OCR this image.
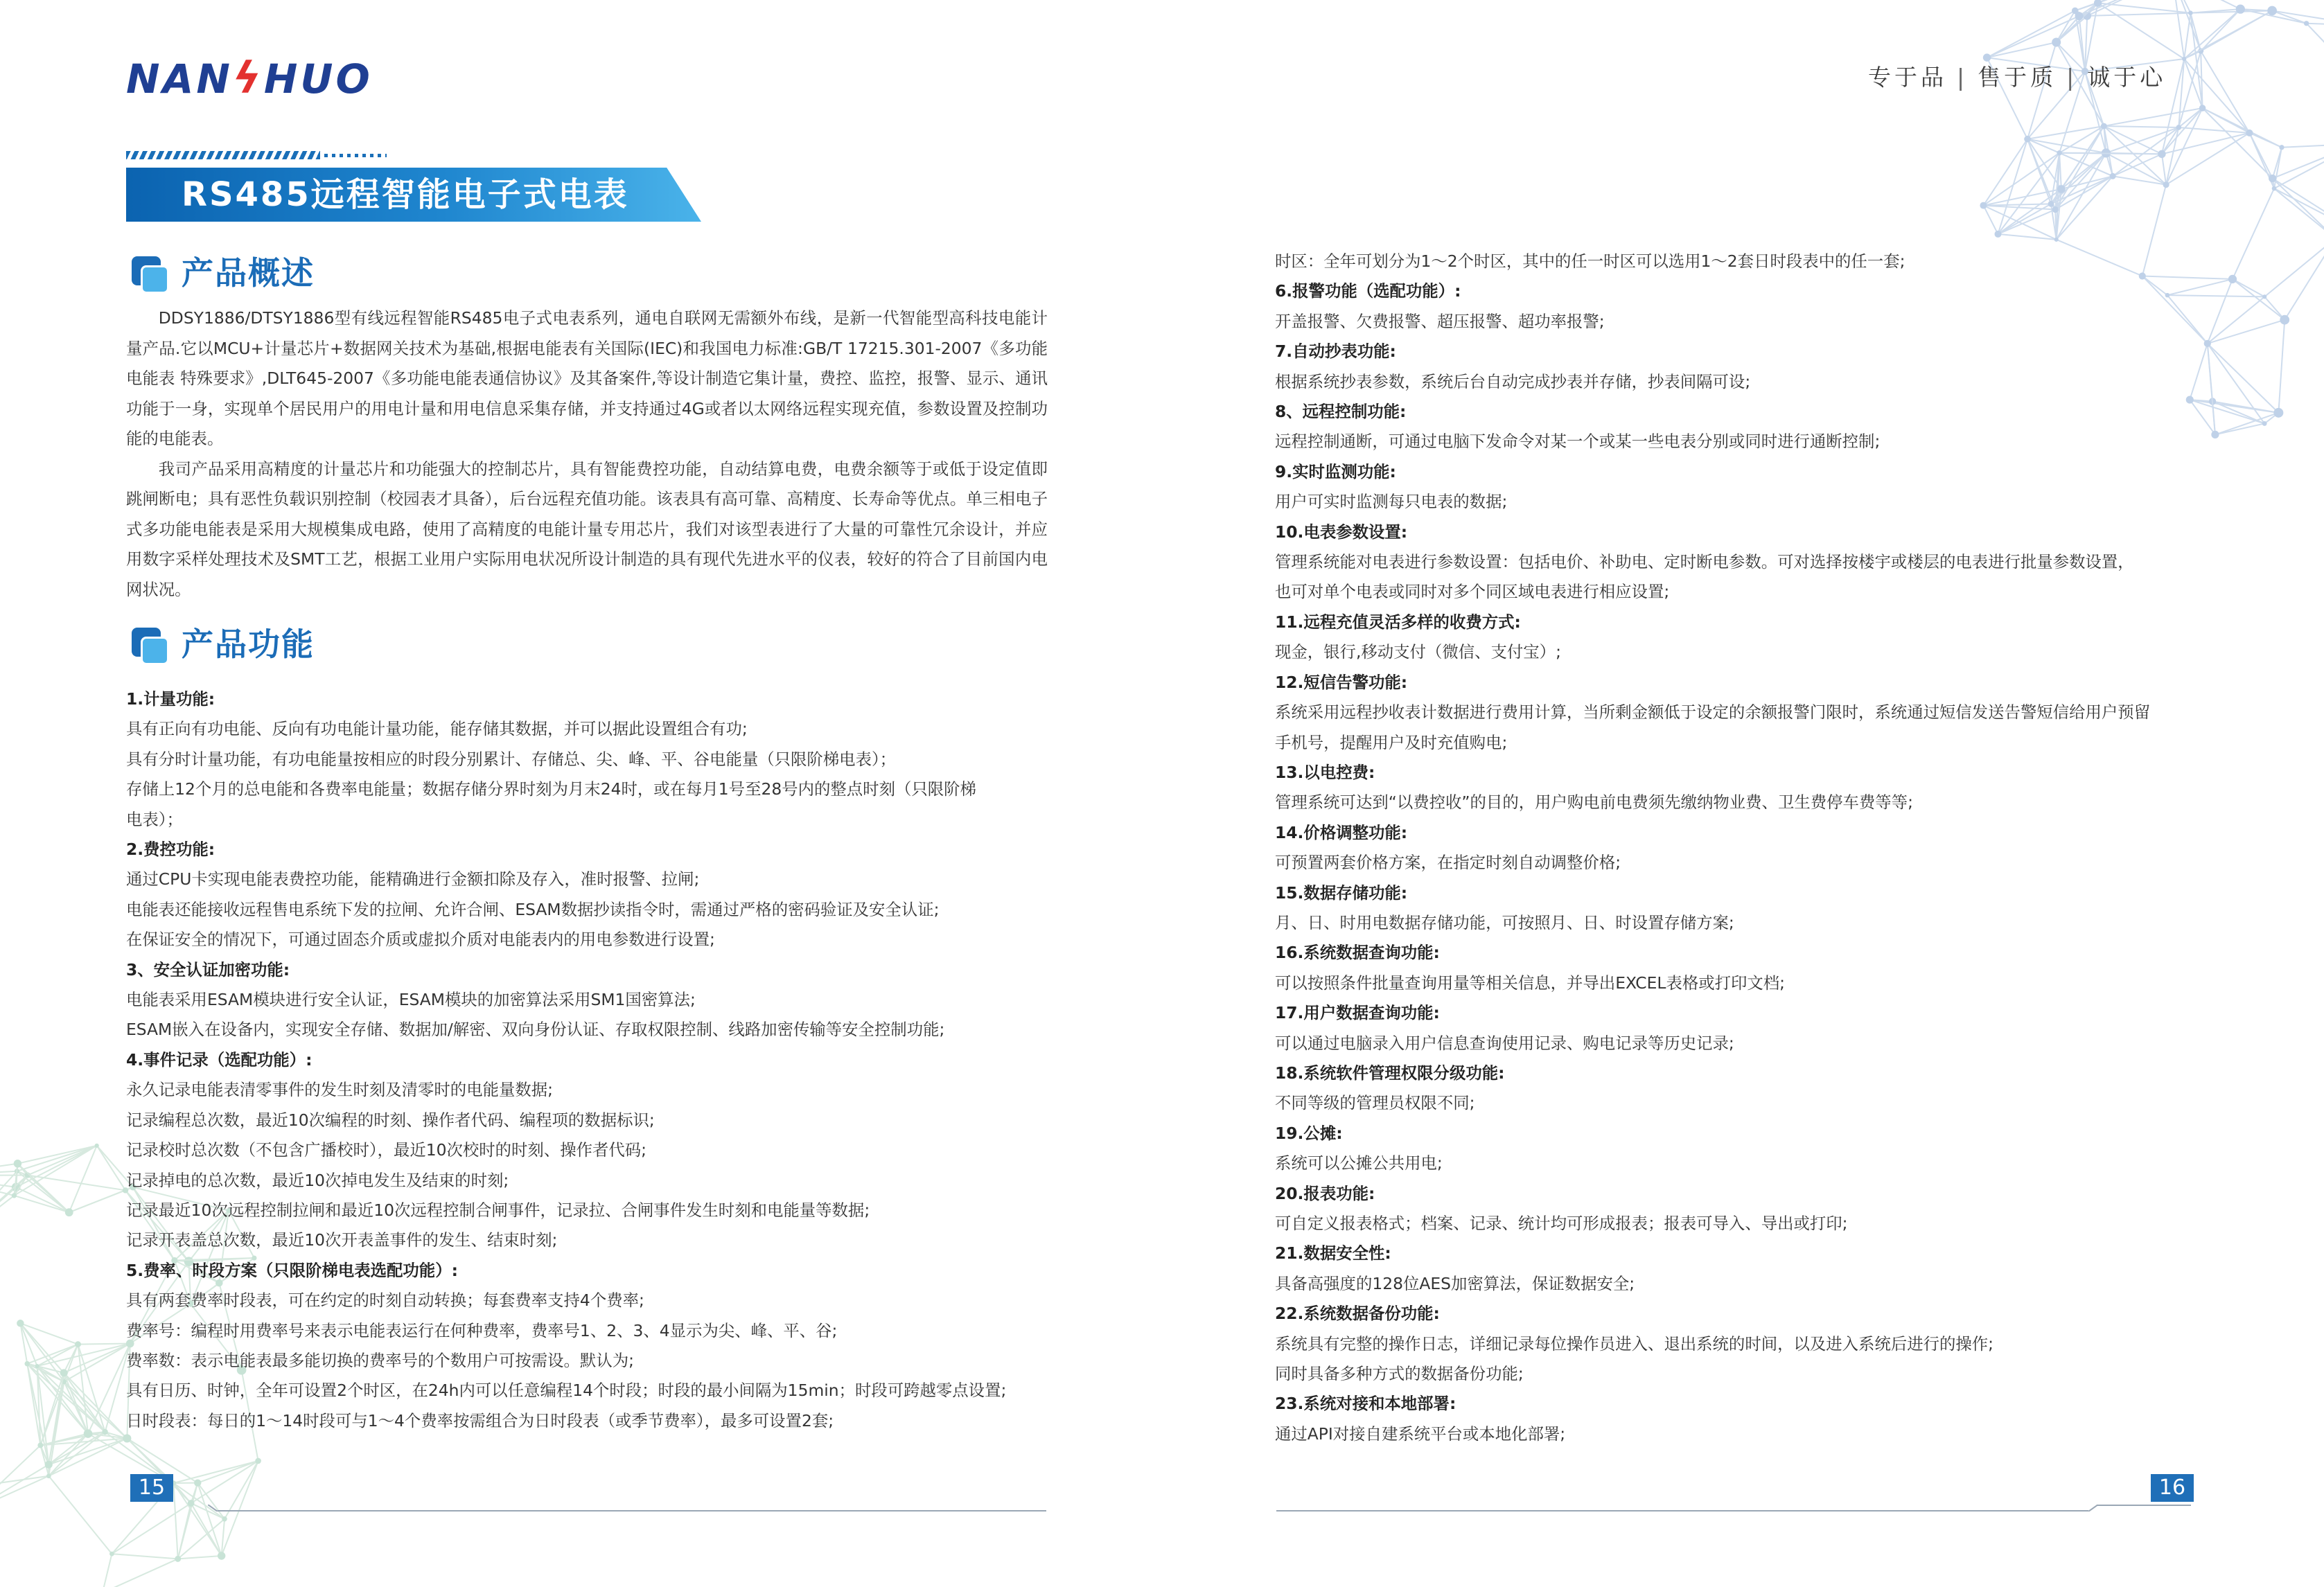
NANϟHUO	专于品 | 售于质 | 诚于心
RS485远程智能电子式电表
产品概述

DDSY1886/DTSY1886型有线远程智能RS485电子式电表系列，通电自联网无需额外布线，是新一代智能型高科技电能计量产品.它以MCU+计量芯片+数据网关技术为基础,根据电能表有关国际(IEC)和我国电力标准:GB/T 17215.301-2007《多功能电能表 特殊要求》,DLT645-2007《多功能电能表通信协议》及其备案件,等设计制造它集计量，费控、监控，报警、显示、通讯功能于一身，实现单个居民用户的用电计量和用电信息采集存储，并支持通过4G或者以太网络远程实现充值，参数设置及控制功能的电能表。

我司产品采用高精度的计量芯片和功能强大的控制芯片，具有智能费控功能，自动结算电费，电费余额等于或低于设定值即跳闸断电；具有恶性负载识别控制（校园表才具备），后台远程充值功能。该表具有高可靠、高精度、长寿命等优点。单三相电子式多功能电能表是采用大规模集成电路，使用了高精度的电能计量专用芯片，我们对该型表进行了大量的可靠性冗余设计，并应用数字采样处理技术及SMT工艺，根据工业用户实际用电状况所设计制造的具有现代先进水平的仪表，较好的符合了目前国内电网状况。

产品功能
1.计量功能:
具有正向有功电能、反向有功电能计量功能，能存储其数据，并可以据此设置组合有功;
具有分时计量功能，有功电能量按相应的时段分别累计、存储总、尖、峰、平、谷电能量（只限阶梯电表）；
存储上12个月的总电能和各费率电能量；数据存储分界时刻为月末24时，或在每月1号至28号内的整点时刻（只限阶梯
电表）；
2.费控功能:
通过CPU卡实现电能表费控功能，能精确进行金额扣除及存入，准时报警、拉闸;
电能表还能接收远程售电系统下发的拉闸、允许合闸、ESAM数据抄读指令时，需通过严格的密码验证及安全认证;
在保证安全的情况下，可通过固态介质或虚拟介质对电能表内的用电参数进行设置;
3、安全认证加密功能:
电能表采用ESAM模块进行安全认证，ESAM模块的加密算法采用SM1国密算法;
ESAM嵌入在设备内，实现安全存储、数据加/解密、双向身份认证、存取权限控制、线路加密传输等安全控制功能;
4.事件记录（选配功能）:
永久记录电能表清零事件的发生时刻及清零时的电能量数据;
记录编程总次数，最近10次编程的时刻、操作者代码、编程项的数据标识;
记录校时总次数（不包含广播校时），最近10次校时的时刻、操作者代码;
记录掉电的总次数，最近10次掉电发生及结束的时刻;
记录最近10次远程控制拉闸和最近10次远程控制合闸事件，记录拉、合闸事件发生时刻和电能量等数据;
记录开表盖总次数，最近10次开表盖事件的发生、结束时刻;
5.费率、时段方案（只限阶梯电表选配功能）:
具有两套费率时段表，可在约定的时刻自动转换；每套费率支持4个费率;
费率号：编程时用费率号来表示电能表运行在何种费率，费率号1、2、3、4显示为尖、峰、平、谷;
费率数：表示电能表最多能切换的费率号的个数用户可按需设。默认为;
具有日历、时钟，全年可设置2个时区，在24h内可以任意编程14个时段；时段的最小间隔为15min；时段可跨越零点设置;
日时段表：每日的1～14时段可与1～4个费率按需组合为日时段表（或季节费率），最多可设置2套;
时区：全年可划分为1～2个时区，其中的任一时区可以选用1～2套日时段表中的任一套;
6.报警功能（选配功能）:
开盖报警、欠费报警、超压报警、超功率报警;
7.自动抄表功能:
根据系统抄表参数，系统后台自动完成抄表并存储，抄表间隔可设;
8、远程控制功能:
远程控制通断，可通过电脑下发命令对某一个或某一些电表分别或同时进行通断控制;
9.实时监测功能:
用户可实时监测每只电表的数据;
10.电表参数设置:
管理系统能对电表进行参数设置：包括电价、补助电、定时断电参数。可对选择按楼宇或楼层的电表进行批量参数设置，
也可对单个电表或同时对多个同区域电表进行相应设置;
11.远程充值灵活多样的收费方式:
现金，银行,移动支付（微信、支付宝）;
12.短信告警功能:
系统采用远程抄收表计数据进行费用计算，当所剩金额低于设定的余额报警门限时，系统通过短信发送告警短信给用户预留
手机号，提醒用户及时充值购电;
13.以电控费:
管理系统可达到“以费控收”的目的，用户购电前电费须先缴纳物业费、卫生费停车费等等;
14.价格调整功能:
可预置两套价格方案，在指定时刻自动调整价格;
15.数据存储功能:
月、日、时用电数据存储功能，可按照月、日、时设置存储方案;
16.系统数据查询功能:
可以按照条件批量查询用量等相关信息，并导出EXCEL表格或打印文档;
17.用户数据查询功能:
可以通过电脑录入用户信息查询使用记录、购电记录等历史记录;
18.系统软件管理权限分级功能:
不同等级的管理员权限不同;
19.公摊:
系统可以公摊公共用电;
20.报表功能:
可自定义报表格式；档案、记录、统计均可形成报表；报表可导入、导出或打印;
21.数据安全性:
具备高强度的128位AES加密算法，保证数据安全;
22.系统数据备份功能:
系统具有完整的操作日志，详细记录每位操作员进入、退出系统的时间，以及进入系统后进行的操作;
同时具备多种方式的数据备份功能;
23.系统对接和本地部署:
通过API对接自建系统平台或本地化部署;
15	16
